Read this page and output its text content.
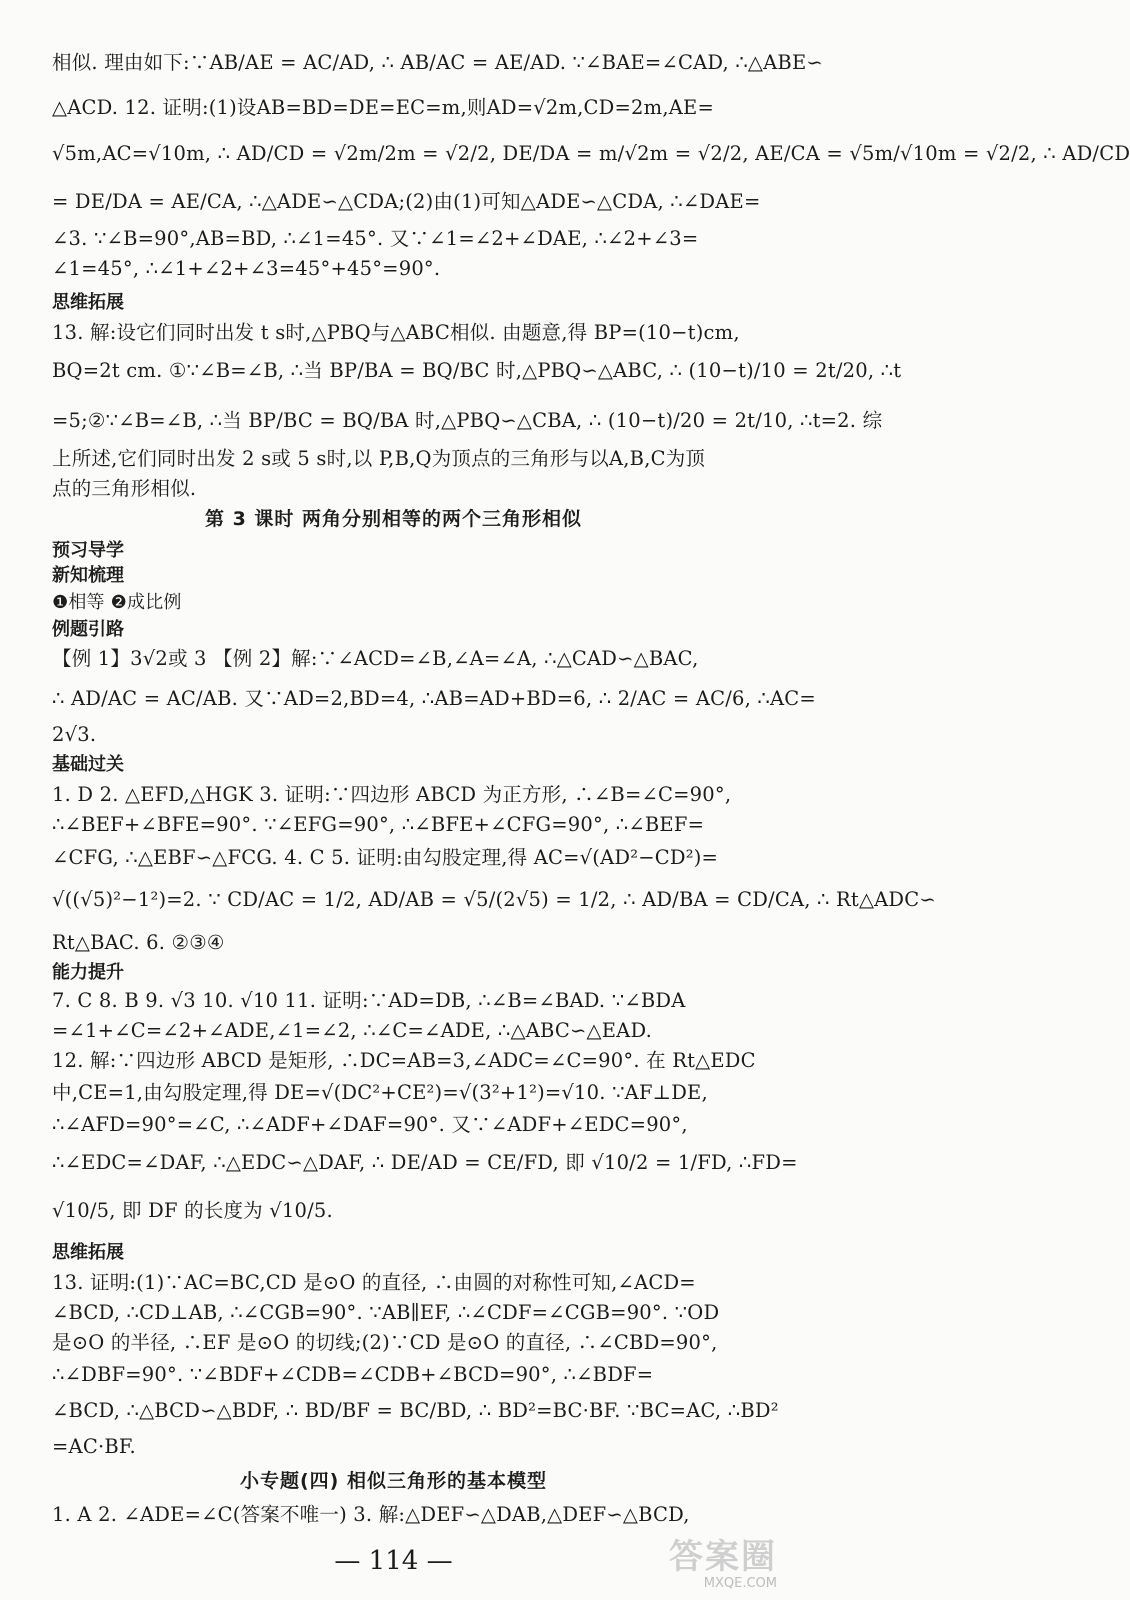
相似. 理由如下:∵AB/AE = AC/AD, ∴ AB/AC = AE/AD. ∵∠BAE=∠CAD, ∴△ABE∽
△ACD. 12. 证明:(1)设AB=BD=DE=EC=m,则AD=√2m,CD=2m,AE=
√5m,AC=√10m, ∴ AD/CD = √2m/2m = √2/2, DE/DA = m/√2m = √2/2, AE/CA = √5m/√10m = √2/2, ∴ AD/CD
= DE/DA = AE/CA, ∴△ADE∽△CDA;(2)由(1)可知△ADE∽△CDA, ∴∠DAE=
∠3. ∵∠B=90°,AB=BD, ∴∠1=45°. 又∵∠1=∠2+∠DAE, ∴∠2+∠3=
∠1=45°, ∴∠1+∠2+∠3=45°+45°=90°.
思维拓展
13. 解:设它们同时出发 t s时,△PBQ与△ABC相似. 由题意,得 BP=(10−t)cm,
BQ=2t cm. ①∵∠B=∠B, ∴当 BP/BA = BQ/BC 时,△PBQ∽△ABC, ∴ (10−t)/10 = 2t/20, ∴t
=5;②∵∠B=∠B, ∴当 BP/BC = BQ/BA 时,△PBQ∽△CBA, ∴ (10−t)/20 = 2t/10, ∴t=2. 综
上所述,它们同时出发 2 s或 5 s时,以 P,B,Q为顶点的三角形与以A,B,C为顶
点的三角形相似.
第 3 课时 两角分别相等的两个三角形相似
预习导学
新知梳理
❶相等 ❷成比例
例题引路
【例 1】3√2或 3 【例 2】解:∵∠ACD=∠B,∠A=∠A, ∴△CAD∽△BAC,
∴ AD/AC = AC/AB. 又∵AD=2,BD=4, ∴AB=AD+BD=6, ∴ 2/AC = AC/6, ∴AC=
2√3.
基础过关
1. D 2. △EFD,△HGK 3. 证明:∵四边形 ABCD 为正方形, ∴∠B=∠C=90°,
∴∠BEF+∠BFE=90°. ∵∠EFG=90°, ∴∠BFE+∠CFG=90°, ∴∠BEF=
∠CFG, ∴△EBF∽△FCG. 4. C 5. 证明:由勾股定理,得 AC=√(AD²−CD²)=
√((√5)²−1²)=2. ∵ CD/AC = 1/2, AD/AB = √5/(2√5) = 1/2, ∴ AD/BA = CD/CA, ∴ Rt△ADC∽
Rt△BAC. 6. ②③④
能力提升
7. C 8. B 9. √3 10. √10 11. 证明:∵AD=DB, ∴∠B=∠BAD. ∵∠BDA
=∠1+∠C=∠2+∠ADE,∠1=∠2, ∴∠C=∠ADE, ∴△ABC∽△EAD.
12. 解:∵四边形 ABCD 是矩形, ∴DC=AB=3,∠ADC=∠C=90°. 在 Rt△EDC
中,CE=1,由勾股定理,得 DE=√(DC²+CE²)=√(3²+1²)=√10. ∵AF⊥DE,
∴∠AFD=90°=∠C, ∴∠ADF+∠DAF=90°. 又∵∠ADF+∠EDC=90°,
∴∠EDC=∠DAF, ∴△EDC∽△DAF, ∴ DE/AD = CE/FD, 即 √10/2 = 1/FD, ∴FD=
√10/5, 即 DF 的长度为 √10/5.
思维拓展
13. 证明:(1)∵AC=BC,CD 是⊙O 的直径, ∴由圆的对称性可知,∠ACD=
∠BCD, ∴CD⊥AB, ∴∠CGB=90°. ∵AB∥EF, ∴∠CDF=∠CGB=90°. ∵OD
是⊙O 的半径, ∴EF 是⊙O 的切线;(2)∵CD 是⊙O 的直径, ∴∠CBD=90°,
∴∠DBF=90°. ∵∠BDF+∠CDB=∠CDB+∠BCD=90°, ∴∠BDF=
∠BCD, ∴△BCD∽△BDF, ∴ BD/BF = BC/BD, ∴ BD²=BC·BF. ∵BC=AC, ∴BD²
=AC·BF.
小专题(四) 相似三角形的基本模型
1. A 2. ∠ADE=∠C(答案不唯一) 3. 解:△DEF∽△DAB,△DEF∽△BCD,
— 114 —	答案圈
MXQE.COM
